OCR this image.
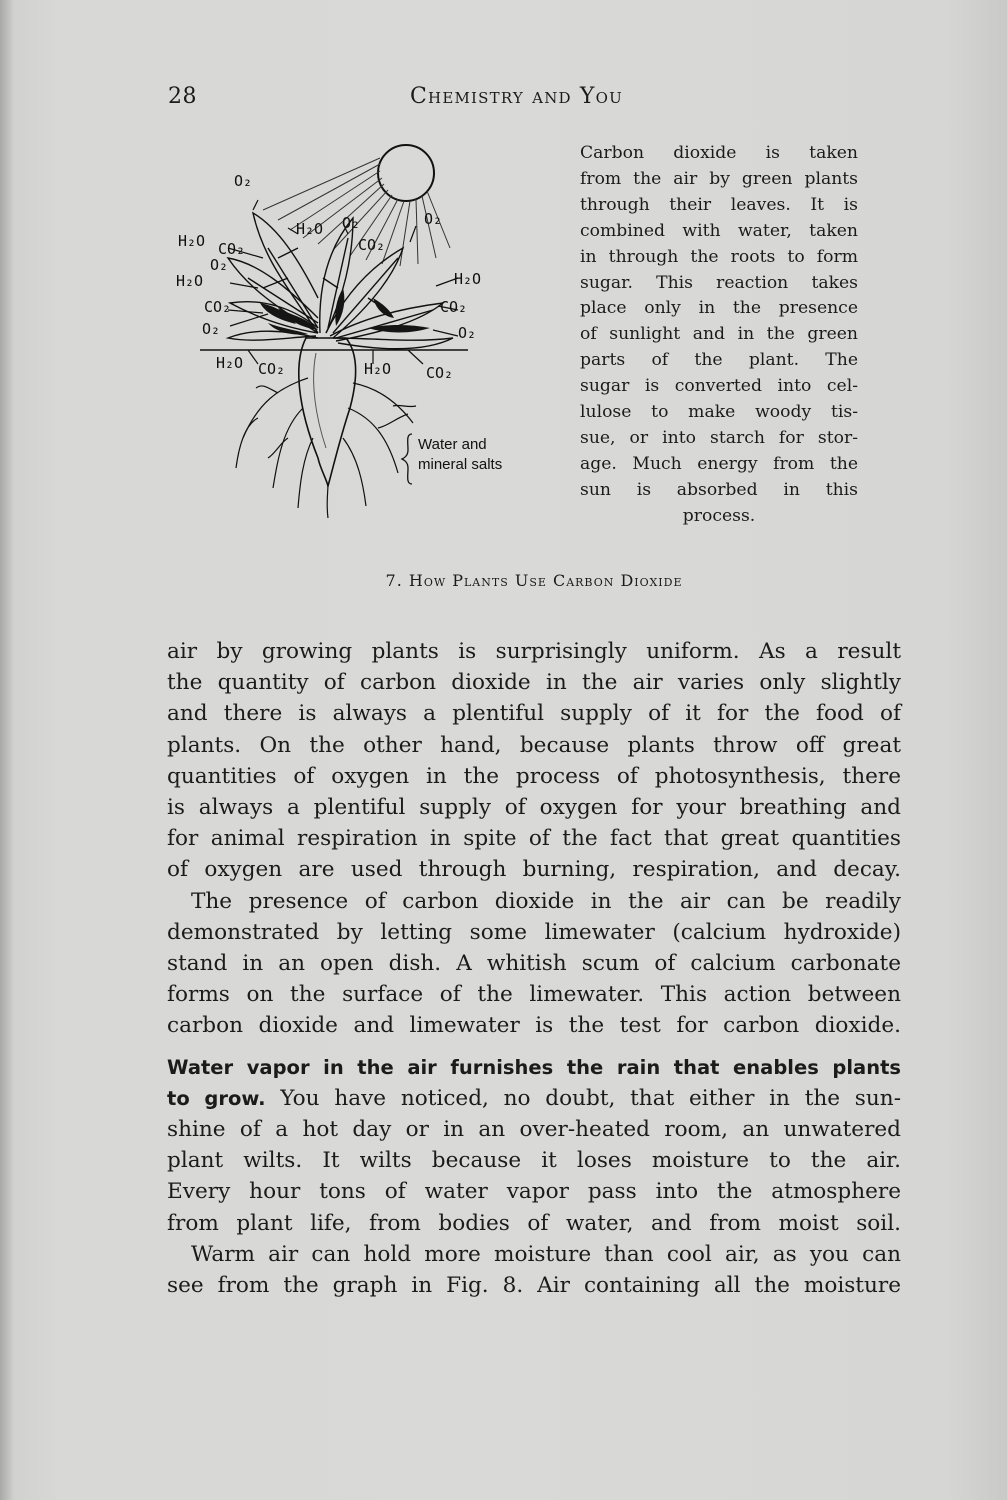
28	Chemistry and You
O₂
H₂O CO₂
O₂
H₂O
CO₂
O₂
H₂O O₂
CO₂
O₂
H₂O
CO₂
O₂
H₂O CO₂	H₂O CO₂
Water and
mineral salts
Carbon dioxide is taken
from the air by green plants
through their leaves. It is
combined with water, taken
in through the roots to form
sugar. This reaction takes
place only in the presence
of sunlight and in the green
parts of the plant. The
sugar is converted into cel-
lulose to make woody tis-
sue, or into starch for stor-
age. Much energy from the
sun is absorbed in this
process.
7. How Plants Use Carbon Dioxide
air by growing plants is surprisingly uniform. As a result
the quantity of carbon dioxide in the air varies only slightly
and there is always a plentiful supply of it for the food of
plants. On the other hand, because plants throw off great
quantities of oxygen in the process of photosynthesis, there
is always a plentiful supply of oxygen for your breathing and
for animal respiration in spite of the fact that great quantities
of oxygen are used through burning, respiration, and decay.
The presence of carbon dioxide in the air can be readily
demonstrated by letting some limewater (calcium hydroxide)
stand in an open dish. A whitish scum of calcium carbonate
forms on the surface of the limewater. This action between
carbon dioxide and limewater is the test for carbon dioxide.
Water vapor in the air furnishes the rain that enables plants
to grow. You have noticed, no doubt, that either in the sun-
shine of a hot day or in an over-heated room, an unwatered
plant wilts. It wilts because it loses moisture to the air.
Every hour tons of water vapor pass into the atmosphere
from plant life, from bodies of water, and from moist soil.
Warm air can hold more moisture than cool air, as you can
see from the graph in Fig. 8. Air containing all the moisture
